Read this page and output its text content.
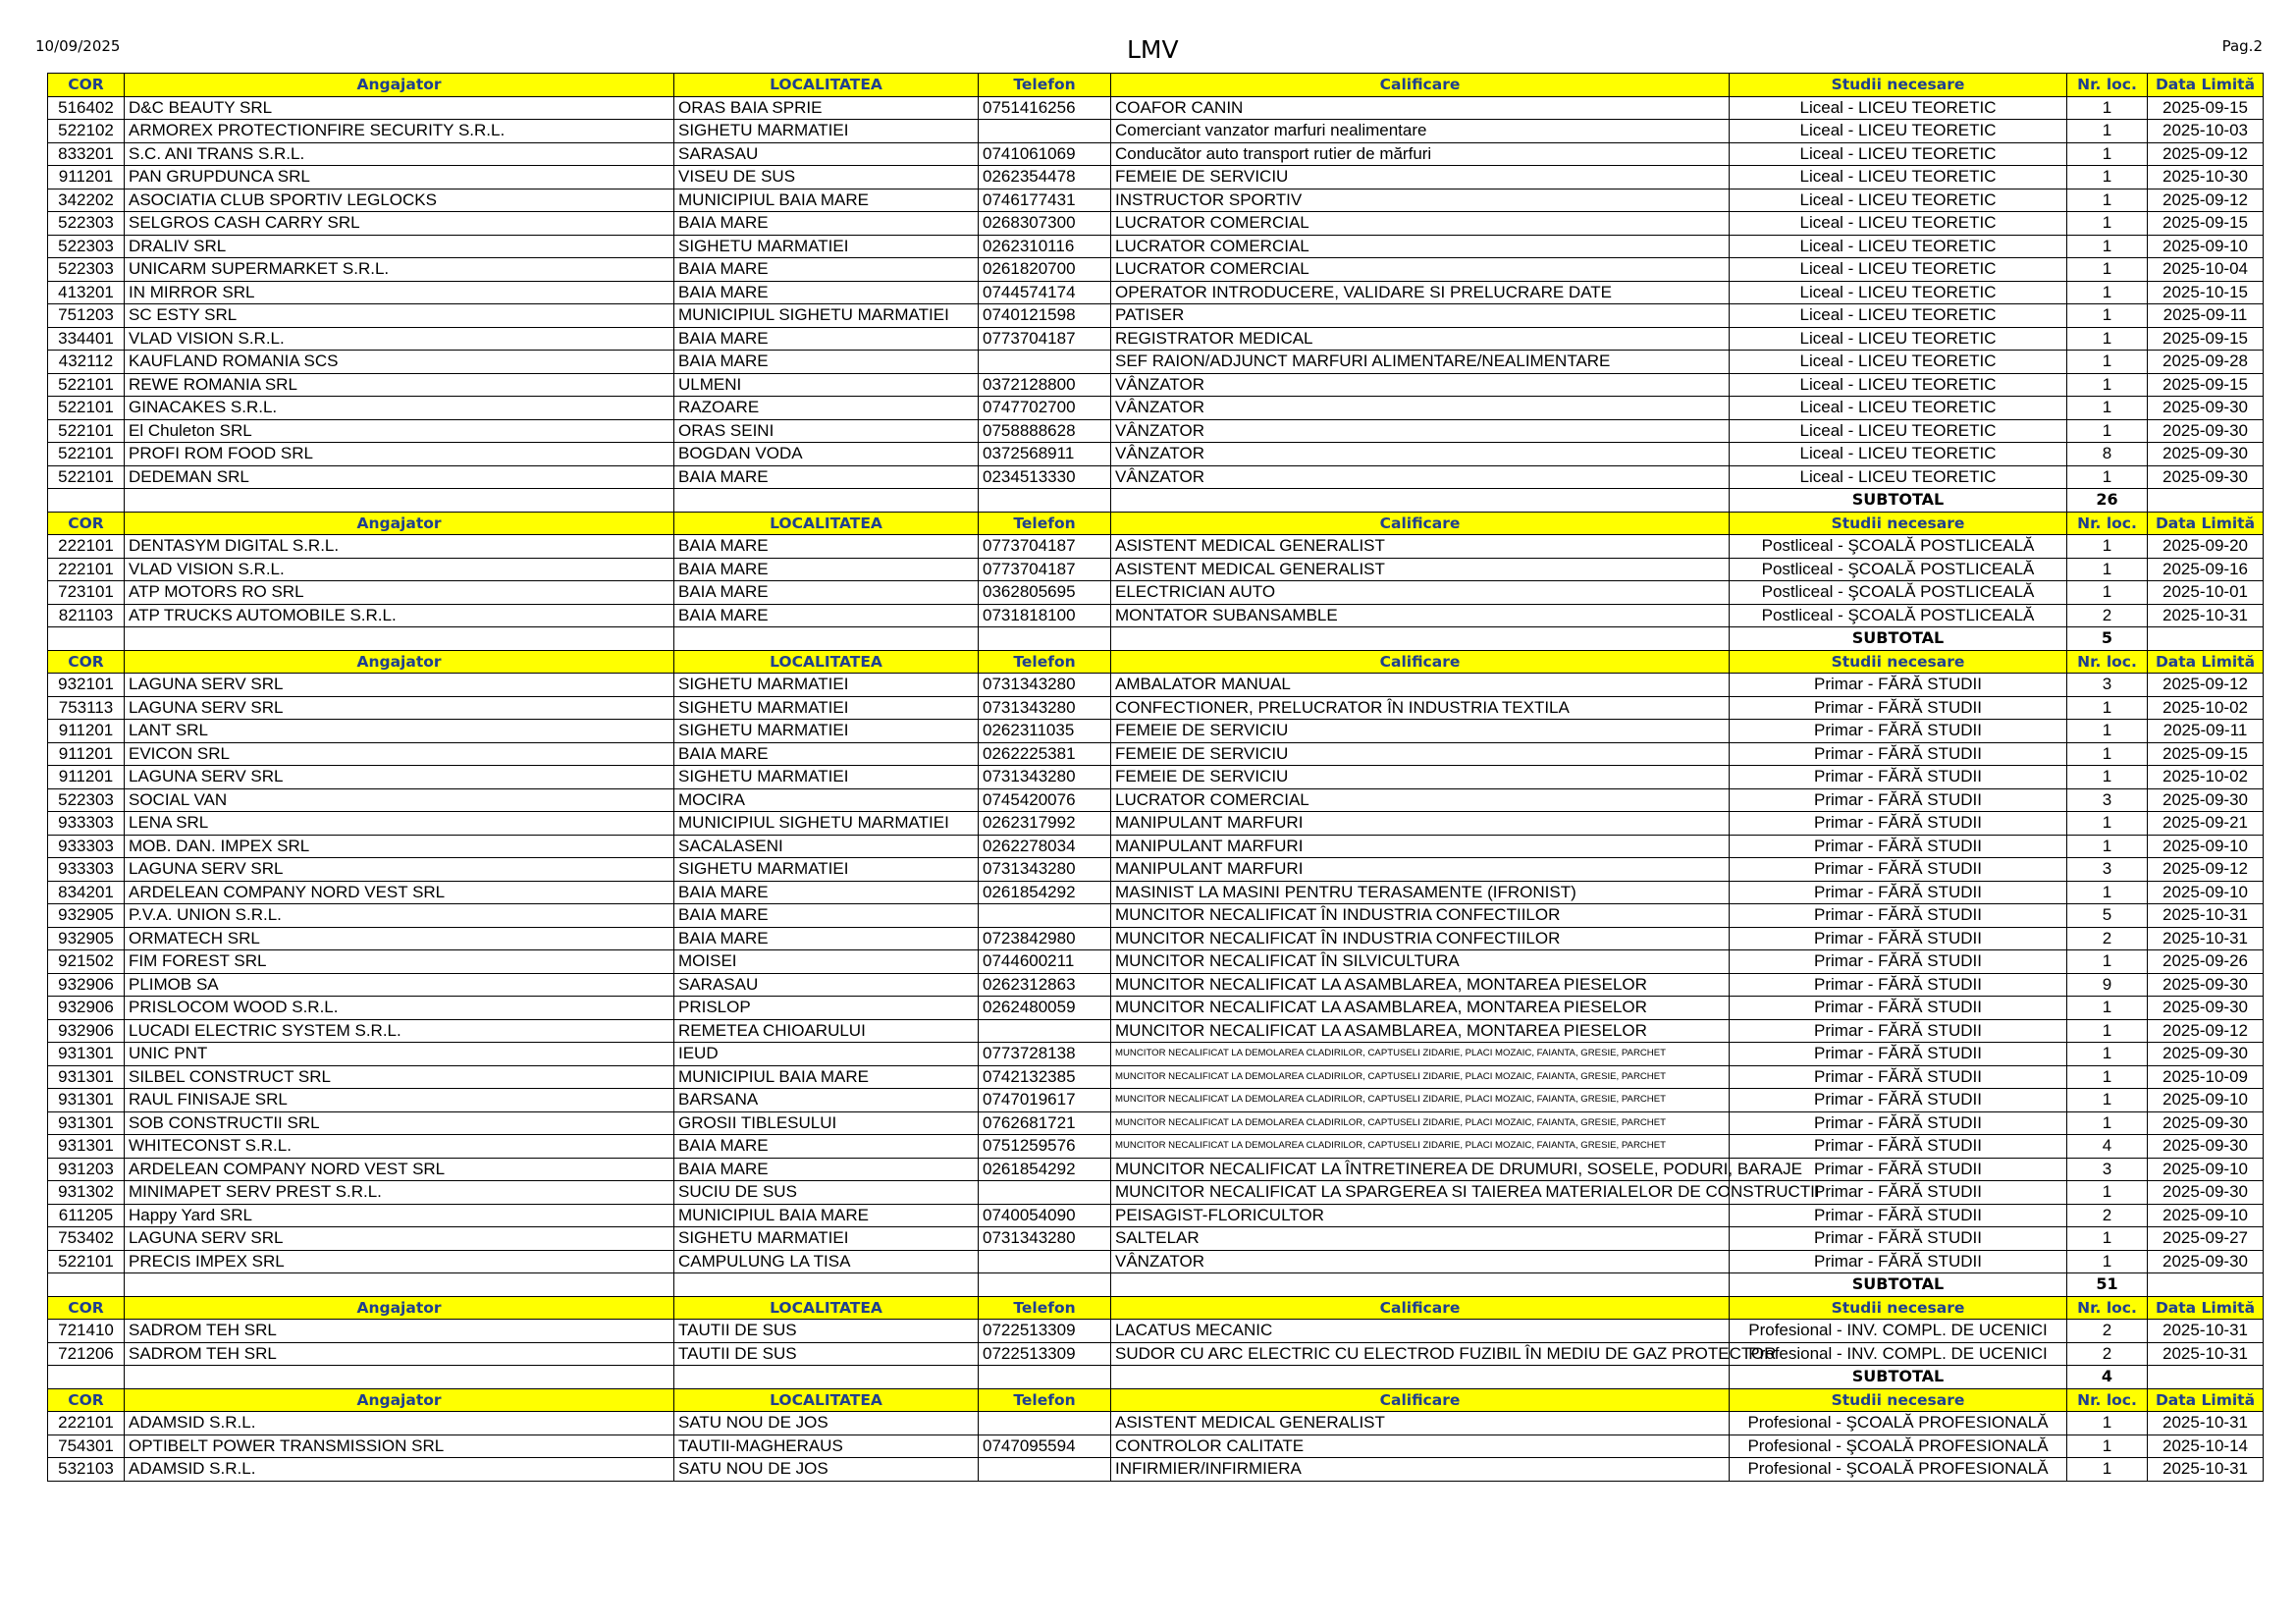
10/09/2025	LMV	Pag.2
COR	Angajator	LOCALITATEA	Telefon	Calificare	Studii necesare	Nr. loc.	Data Limită
516402	D&C BEAUTY SRL	ORAS BAIA SPRIE	0751416256	COAFOR CANIN	Liceal - LICEU TEORETIC	1	2025-09-15
522102	ARMOREX PROTECTIONFIRE SECURITY S.R.L.	SIGHETU MARMATIEI		Comerciant vanzator marfuri nealimentare	Liceal - LICEU TEORETIC	1	2025-10-03
833201	S.C. ANI TRANS S.R.L.	SARASAU	0741061069	Conducător auto transport rutier de mărfuri	Liceal - LICEU TEORETIC	1	2025-09-12
911201	PAN GRUPDUNCA SRL	VISEU DE SUS	0262354478	FEMEIE DE SERVICIU	Liceal - LICEU TEORETIC	1	2025-10-30
342202	ASOCIATIA CLUB SPORTIV LEGLOCKS	MUNICIPIUL BAIA MARE	0746177431	INSTRUCTOR SPORTIV	Liceal - LICEU TEORETIC	1	2025-09-12
522303	SELGROS CASH CARRY SRL	BAIA MARE	0268307300	LUCRATOR COMERCIAL	Liceal - LICEU TEORETIC	1	2025-09-15
522303	DRALIV SRL	SIGHETU MARMATIEI	0262310116	LUCRATOR COMERCIAL	Liceal - LICEU TEORETIC	1	2025-09-10
522303	UNICARM SUPERMARKET S.R.L.	BAIA MARE	0261820700	LUCRATOR COMERCIAL	Liceal - LICEU TEORETIC	1	2025-10-04
413201	IN MIRROR SRL	BAIA MARE	0744574174	OPERATOR INTRODUCERE, VALIDARE SI PRELUCRARE DATE	Liceal - LICEU TEORETIC	1	2025-10-15
751203	SC ESTY SRL	MUNICIPIUL SIGHETU MARMATIEI	0740121598	PATISER	Liceal - LICEU TEORETIC	1	2025-09-11
334401	VLAD VISION S.R.L.	BAIA MARE	0773704187	REGISTRATOR MEDICAL	Liceal - LICEU TEORETIC	1	2025-09-15
432112	KAUFLAND ROMANIA SCS	BAIA MARE		SEF RAION/ADJUNCT MARFURI ALIMENTARE/NEALIMENTARE	Liceal - LICEU TEORETIC	1	2025-09-28
522101	REWE ROMANIA SRL	ULMENI	0372128800	VÂNZATOR	Liceal - LICEU TEORETIC	1	2025-09-15
522101	GINACAKES S.R.L.	RAZOARE	0747702700	VÂNZATOR	Liceal - LICEU TEORETIC	1	2025-09-30
522101	El Chuleton SRL	ORAS SEINI	0758888628	VÂNZATOR	Liceal - LICEU TEORETIC	1	2025-09-30
522101	PROFI ROM FOOD SRL	BOGDAN VODA	0372568911	VÂNZATOR	Liceal - LICEU TEORETIC	8	2025-09-30
522101	DEDEMAN SRL	BAIA MARE	0234513330	VÂNZATOR	Liceal - LICEU TEORETIC	1	2025-09-30
					SUBTOTAL	26	
COR	Angajator	LOCALITATEA	Telefon	Calificare	Studii necesare	Nr. loc.	Data Limită
222101	DENTASYM DIGITAL S.R.L.	BAIA MARE	0773704187	ASISTENT MEDICAL GENERALIST	Postliceal - ŞCOALĂ POSTLICEALĂ	1	2025-09-20
222101	VLAD VISION S.R.L.	BAIA MARE	0773704187	ASISTENT MEDICAL GENERALIST	Postliceal - ŞCOALĂ POSTLICEALĂ	1	2025-09-16
723101	ATP MOTORS RO SRL	BAIA MARE	0362805695	ELECTRICIAN AUTO	Postliceal - ŞCOALĂ POSTLICEALĂ	1	2025-10-01
821103	ATP TRUCKS AUTOMOBILE S.R.L.	BAIA MARE	0731818100	MONTATOR SUBANSAMBLE	Postliceal - ŞCOALĂ POSTLICEALĂ	2	2025-10-31
					SUBTOTAL	5	
COR	Angajator	LOCALITATEA	Telefon	Calificare	Studii necesare	Nr. loc.	Data Limită
932101	LAGUNA SERV SRL	SIGHETU MARMATIEI	0731343280	AMBALATOR MANUAL	Primar - FĂRĂ STUDII	3	2025-09-12
753113	LAGUNA SERV SRL	SIGHETU MARMATIEI	0731343280	CONFECTIONER, PRELUCRATOR ÎN INDUSTRIA TEXTILA	Primar - FĂRĂ STUDII	1	2025-10-02
911201	LANT SRL	SIGHETU MARMATIEI	0262311035	FEMEIE DE SERVICIU	Primar - FĂRĂ STUDII	1	2025-09-11
911201	EVICON SRL	BAIA MARE	0262225381	FEMEIE DE SERVICIU	Primar - FĂRĂ STUDII	1	2025-09-15
911201	LAGUNA SERV SRL	SIGHETU MARMATIEI	0731343280	FEMEIE DE SERVICIU	Primar - FĂRĂ STUDII	1	2025-10-02
522303	SOCIAL VAN	MOCIRA	0745420076	LUCRATOR COMERCIAL	Primar - FĂRĂ STUDII	3	2025-09-30
933303	LENA SRL	MUNICIPIUL SIGHETU MARMATIEI	0262317992	MANIPULANT MARFURI	Primar - FĂRĂ STUDII	1	2025-09-21
933303	MOB. DAN. IMPEX SRL	SACALASENI	0262278034	MANIPULANT MARFURI	Primar - FĂRĂ STUDII	1	2025-09-10
933303	LAGUNA SERV SRL	SIGHETU MARMATIEI	0731343280	MANIPULANT MARFURI	Primar - FĂRĂ STUDII	3	2025-09-12
834201	ARDELEAN COMPANY NORD VEST SRL	BAIA MARE	0261854292	MASINIST LA MASINI PENTRU TERASAMENTE (IFRONIST)	Primar - FĂRĂ STUDII	1	2025-09-10
932905	P.V.A. UNION S.R.L.	BAIA MARE		MUNCITOR NECALIFICAT ÎN INDUSTRIA CONFECTIILOR	Primar - FĂRĂ STUDII	5	2025-10-31
932905	ORMATECH SRL	BAIA MARE	0723842980	MUNCITOR NECALIFICAT ÎN INDUSTRIA CONFECTIILOR	Primar - FĂRĂ STUDII	2	2025-10-31
921502	FIM FOREST SRL	MOISEI	0744600211	MUNCITOR NECALIFICAT ÎN SILVICULTURA	Primar - FĂRĂ STUDII	1	2025-09-26
932906	PLIMOB SA	SARASAU	0262312863	MUNCITOR NECALIFICAT LA ASAMBLAREA, MONTAREA PIESELOR	Primar - FĂRĂ STUDII	9	2025-09-30
932906	PRISLOCOM WOOD S.R.L.	PRISLOP	0262480059	MUNCITOR NECALIFICAT LA ASAMBLAREA, MONTAREA PIESELOR	Primar - FĂRĂ STUDII	1	2025-09-30
932906	LUCADI ELECTRIC SYSTEM S.R.L.	REMETEA CHIOARULUI		MUNCITOR NECALIFICAT LA ASAMBLAREA, MONTAREA PIESELOR	Primar - FĂRĂ STUDII	1	2025-09-12
931301	UNIC PNT	IEUD	0773728138	MUNCITOR NECALIFICAT LA DEMOLAREA CLADIRILOR, CAPTUSELI ZIDARIE, PLACI MOZAIC, FAIANTA, GRESIE, PARCHET	Primar - FĂRĂ STUDII	1	2025-09-30
931301	SILBEL CONSTRUCT SRL	MUNICIPIUL BAIA MARE	0742132385	MUNCITOR NECALIFICAT LA DEMOLAREA CLADIRILOR, CAPTUSELI ZIDARIE, PLACI MOZAIC, FAIANTA, GRESIE, PARCHET	Primar - FĂRĂ STUDII	1	2025-10-09
931301	RAUL FINISAJE SRL	BARSANA	0747019617	MUNCITOR NECALIFICAT LA DEMOLAREA CLADIRILOR, CAPTUSELI ZIDARIE, PLACI MOZAIC, FAIANTA, GRESIE, PARCHET	Primar - FĂRĂ STUDII	1	2025-09-10
931301	SOB CONSTRUCTII SRL	GROSII TIBLESULUI	0762681721	MUNCITOR NECALIFICAT LA DEMOLAREA CLADIRILOR, CAPTUSELI ZIDARIE, PLACI MOZAIC, FAIANTA, GRESIE, PARCHET	Primar - FĂRĂ STUDII	1	2025-09-30
931301	WHITECONST S.R.L.	BAIA MARE	0751259576	MUNCITOR NECALIFICAT LA DEMOLAREA CLADIRILOR, CAPTUSELI ZIDARIE, PLACI MOZAIC, FAIANTA, GRESIE, PARCHET	Primar - FĂRĂ STUDII	4	2025-09-30
931203	ARDELEAN COMPANY NORD VEST SRL	BAIA MARE	0261854292	MUNCITOR NECALIFICAT LA ÎNTRETINEREA DE DRUMURI, SOSELE, PODURI, BARAJE	Primar - FĂRĂ STUDII	3	2025-09-10
931302	MINIMAPET SERV PREST S.R.L.	SUCIU DE SUS		MUNCITOR NECALIFICAT LA SPARGEREA SI TAIEREA MATERIALELOR DE CONSTRUCTII	Primar - FĂRĂ STUDII	1	2025-09-30
611205	Happy Yard SRL	MUNICIPIUL BAIA MARE	0740054090	PEISAGIST-FLORICULTOR	Primar - FĂRĂ STUDII	2	2025-09-10
753402	LAGUNA SERV SRL	SIGHETU MARMATIEI	0731343280	SALTELAR	Primar - FĂRĂ STUDII	1	2025-09-27
522101	PRECIS IMPEX SRL	CAMPULUNG LA TISA		VÂNZATOR	Primar - FĂRĂ STUDII	1	2025-09-30
					SUBTOTAL	51	
COR	Angajator	LOCALITATEA	Telefon	Calificare	Studii necesare	Nr. loc.	Data Limită
721410	SADROM TEH SRL	TAUTII DE SUS	0722513309	LACATUS MECANIC	Profesional - INV. COMPL. DE UCENICI	2	2025-10-31
721206	SADROM TEH SRL	TAUTII DE SUS	0722513309	SUDOR CU ARC ELECTRIC CU ELECTROD FUZIBIL ÎN MEDIU DE GAZ PROTECTOR	Profesional - INV. COMPL. DE UCENICI	2	2025-10-31
					SUBTOTAL	4	
COR	Angajator	LOCALITATEA	Telefon	Calificare	Studii necesare	Nr. loc.	Data Limită
222101	ADAMSID S.R.L.	SATU NOU DE JOS		ASISTENT MEDICAL GENERALIST	Profesional - ŞCOALĂ PROFESIONALĂ	1	2025-10-31
754301	OPTIBELT POWER TRANSMISSION SRL	TAUTII-MAGHERAUS	0747095594	CONTROLOR CALITATE	Profesional - ŞCOALĂ PROFESIONALĂ	1	2025-10-14
532103	ADAMSID S.R.L.	SATU NOU DE JOS		INFIRMIER/INFIRMIERA	Profesional - ŞCOALĂ PROFESIONALĂ	1	2025-10-31
